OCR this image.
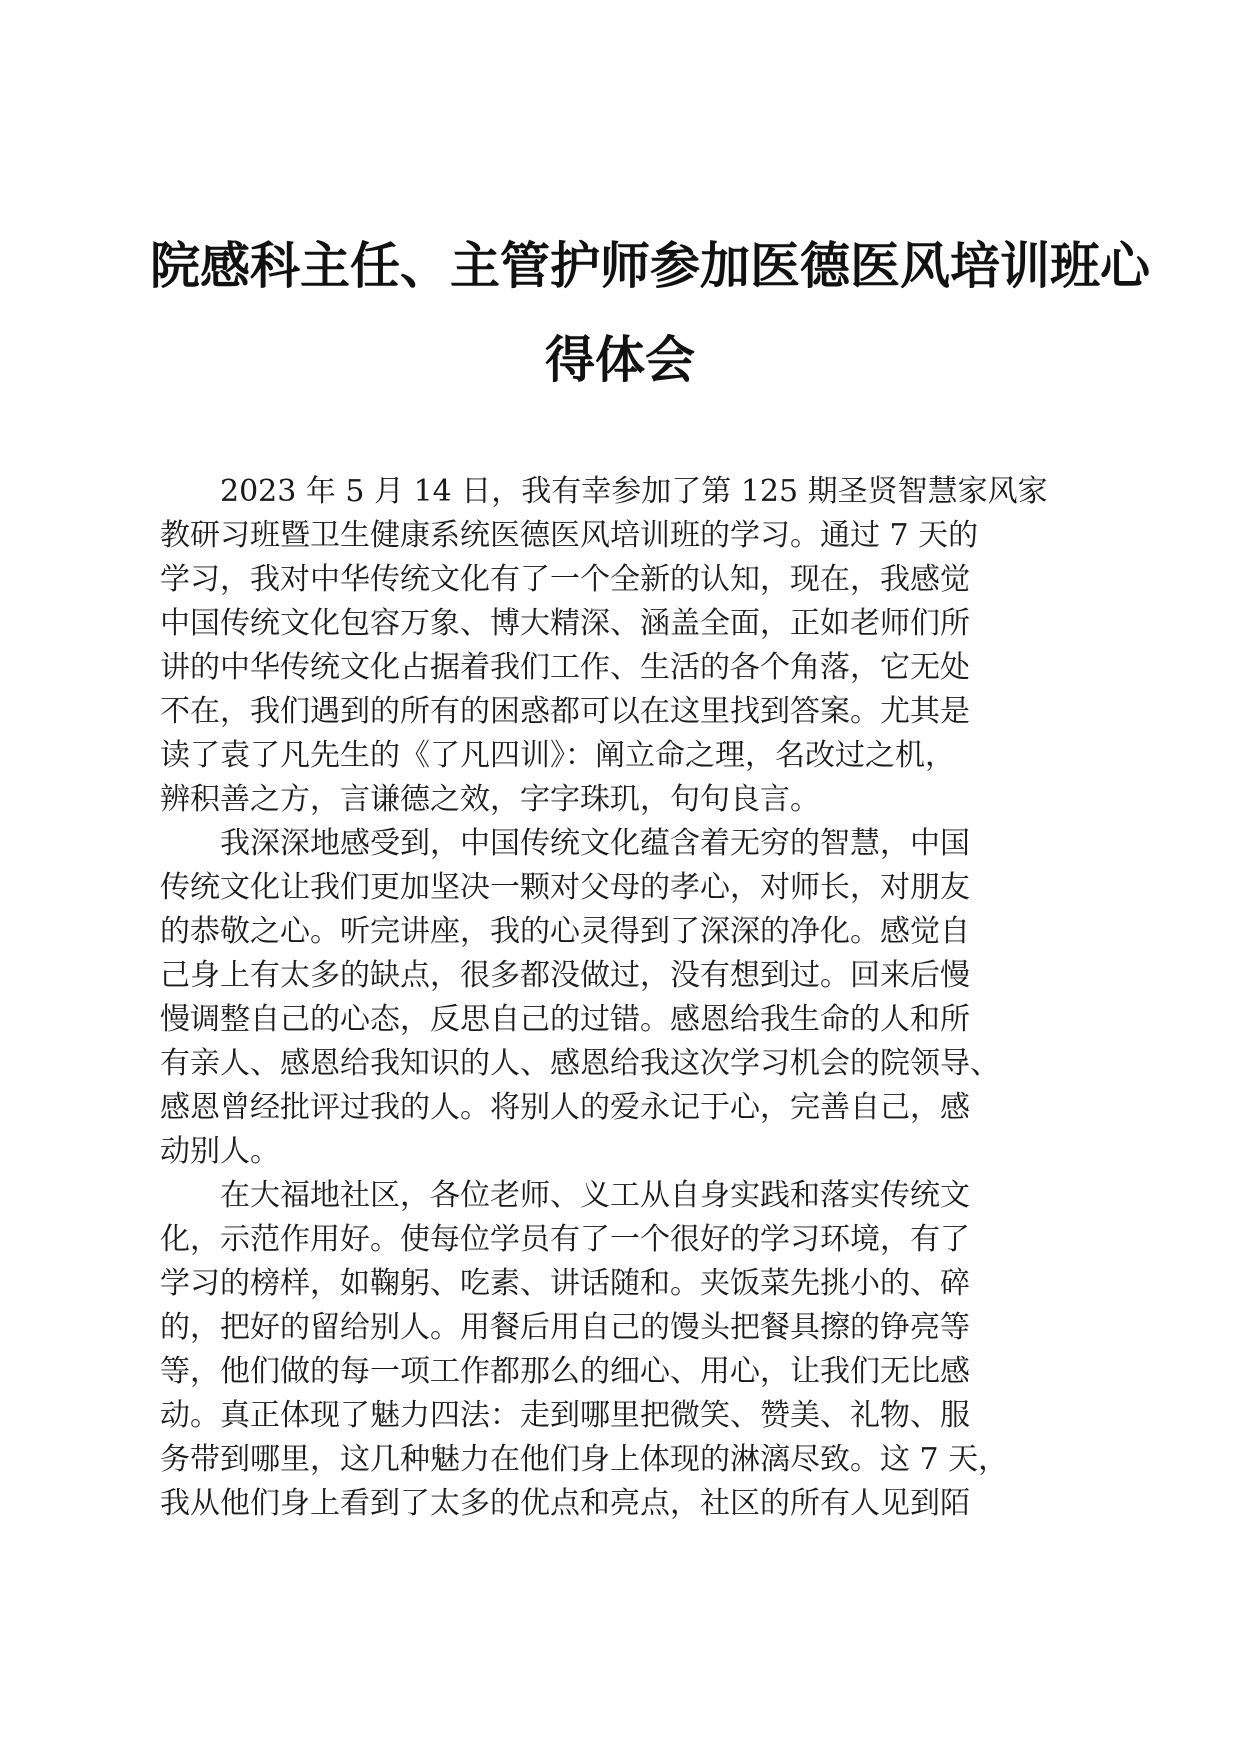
院感科主任、主管护师参加医德医风培训班心
得体会

2023 年 5 月 14 日，我有幸参加了第 125 期圣贤智慧家风家

教研习班暨卫生健康系统医德医风培训班的学习。通过 7 天的

学习，我对中华传统文化有了一个全新的认知，现在，我感觉

中国传统文化包容万象、博大精深、涵盖全面，正如老师们所

讲的中华传统文化占据着我们工作、生活的各个角落，它无处

不在，我们遇到的所有的困惑都可以在这里找到答案。尤其是

读了袁了凡先生的《了凡四训》：阐立命之理，名改过之机，

辨积善之方，言谦德之效，字字珠玑，句句良言。

我深深地感受到，中国传统文化蕴含着无穷的智慧，中国

传统文化让我们更加坚决一颗对父母的孝心，对师长，对朋友

的恭敬之心。听完讲座，我的心灵得到了深深的净化。感觉自

己身上有太多的缺点，很多都没做过，没有想到过。回来后慢

慢调整自己的心态，反思自己的过错。感恩给我生命的人和所

有亲人、感恩给我知识的人、感恩给我这次学习机会的院领导、

感恩曾经批评过我的人。将别人的爱永记于心，完善自己，感

动别人。

在大福地社区，各位老师、义工从自身实践和落实传统文

化，示范作用好。使每位学员有了一个很好的学习环境，有了

学习的榜样，如鞠躬、吃素、讲话随和。夹饭菜先挑小的、碎

的，把好的留给别人。用餐后用自己的馒头把餐具擦的铮亮等

等，他们做的每一项工作都那么的细心、用心，让我们无比感

动。真正体现了魅力四法：走到哪里把微笑、赞美、礼物、服

务带到哪里，这几种魅力在他们身上体现的淋漓尽致。这 7 天，

我从他们身上看到了太多的优点和亮点，社区的所有人见到陌
